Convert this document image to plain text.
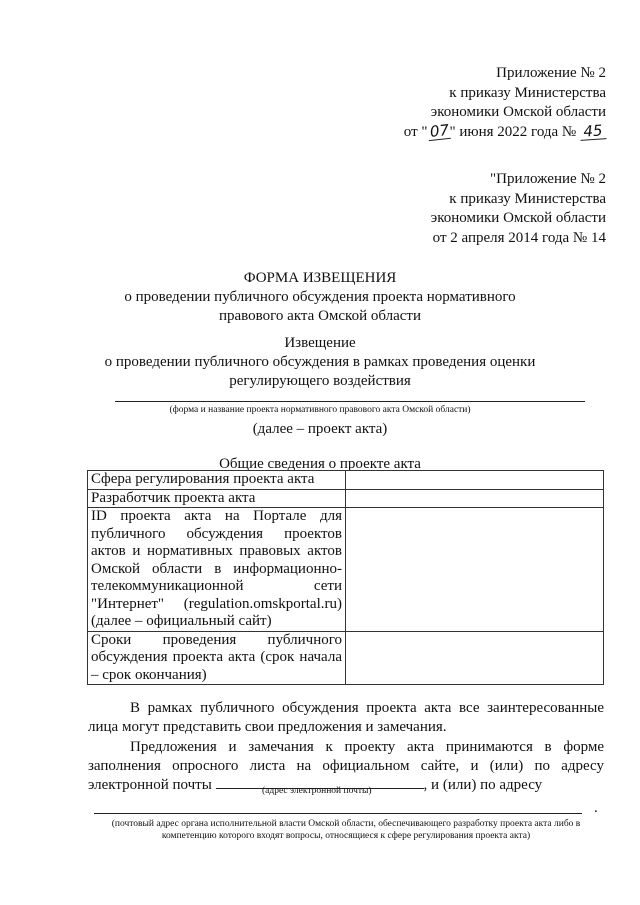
Приложение № 2
к приказу Министерства
экономики Омской области
от "07" июня 2022 года № 45
"Приложение № 2
к приказу Министерства
экономики Омской области
от 2 апреля 2014 года № 14
ФОРМА ИЗВЕЩЕНИЯ
о проведении публичного обсуждения проекта нормативного
правового акта Омской области
Извещение
о проведении публичного обсуждения в рамках проведения оценки
регулирующего воздействия
(форма и название проекта нормативного правового акта Омской области)
(далее – проект акта)
Общие сведения о проекте акта
Сфера регулирования проекта акта	
Разработчик проекта акта	
ID проекта акта на Портале для публичного обсуждения проектов актов и нормативных правовых актов Омской области в информационно-телекоммуникационной сети "Интернет" (regulation.omskportal.ru) (далее – официальный сайт)	
Сроки проведения публичного обсуждения проекта акта (срок начала – срок окончания)	
В рамках публичного обсуждения проекта акта все заинтересованные лица могут представить свои предложения и замечания.
Предложения и замечания к проекту акта принимаются в форме заполнения опросного листа на официальном сайте, и (или) по адресу электронной почты	, и (или) по адресу
(адрес электронной почты)
.
(почтовый адрес органа исполнительной власти Омской области, обеспечивающего разработку проекта акта либо в компетенцию которого входят вопросы, относящиеся к сфере регулирования проекта акта)
